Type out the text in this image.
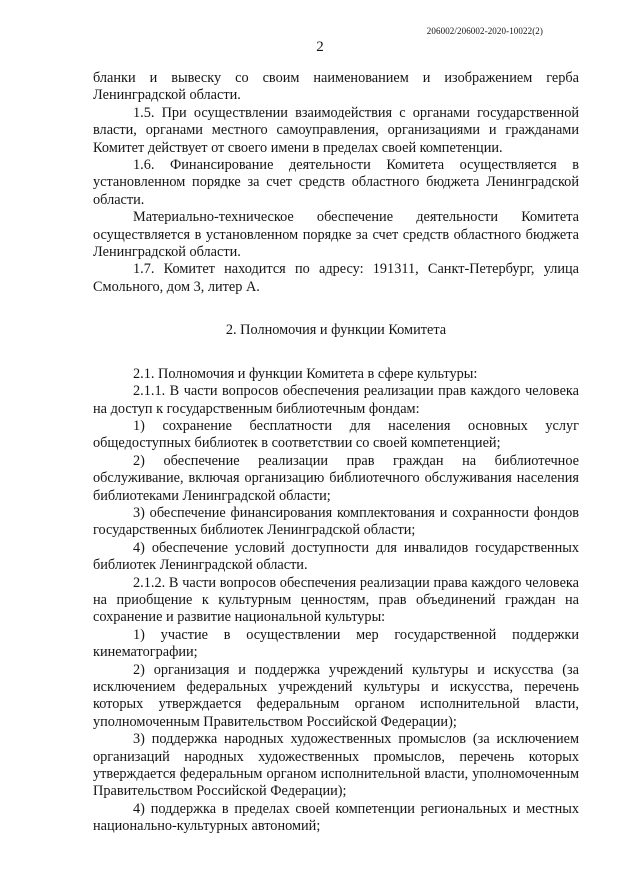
206002/206002-2020-10022(2)
2

бланки и вывеску со своим наименованием и изображением герба Ленинградской области.

1.5. При осуществлении взаимодействия с органами государственной власти, органами местного самоуправления, организациями и гражданами Комитет действует от своего имени в пределах своей компетенции.

1.6. Финансирование деятельности Комитета осуществляется в установленном порядке за счет средств областного бюджета Ленинградской области.

Материально-техническое обеспечение деятельности Комитета осуществляется в установленном порядке за счет средств областного бюджета Ленинградской области.

1.7. Комитет находится по адресу: 191311, Санкт-Петербург, улица Смольного, дом 3, литер А.

2. Полномочия и функции Комитета

2.1. Полномочия и функции Комитета в сфере культуры:

2.1.1. В части вопросов обеспечения реализации прав каждого человека на доступ к государственным библиотечным фондам:

1) сохранение бесплатности для населения основных услуг общедоступных библиотек в соответствии со своей компетенцией;

2) обеспечение реализации прав граждан на библиотечное обслуживание, включая организацию библиотечного обслуживания населения библиотеками Ленинградской области;

3) обеспечение финансирования комплектования и сохранности фондов государственных библиотек Ленинградской области;

4) обеспечение условий доступности для инвалидов государственных библиотек Ленинградской области.

2.1.2. В части вопросов обеспечения реализации права каждого человека на приобщение к культурным ценностям, прав объединений граждан на сохранение и развитие национальной культуры:

1) участие в осуществлении мер государственной поддержки кинематографии;

2) организация и поддержка учреждений культуры и искусства (за исключением федеральных учреждений культуры и искусства, перечень которых утверждается федеральным органом исполнительной власти, уполномоченным Правительством Российской Федерации);

3) поддержка народных художественных промыслов (за исключением организаций народных художественных промыслов, перечень которых утверждается федеральным органом исполнительной власти, уполномоченным Правительством Российской Федерации);

4) поддержка в пределах своей компетенции региональных и местных национально-культурных автономий;
